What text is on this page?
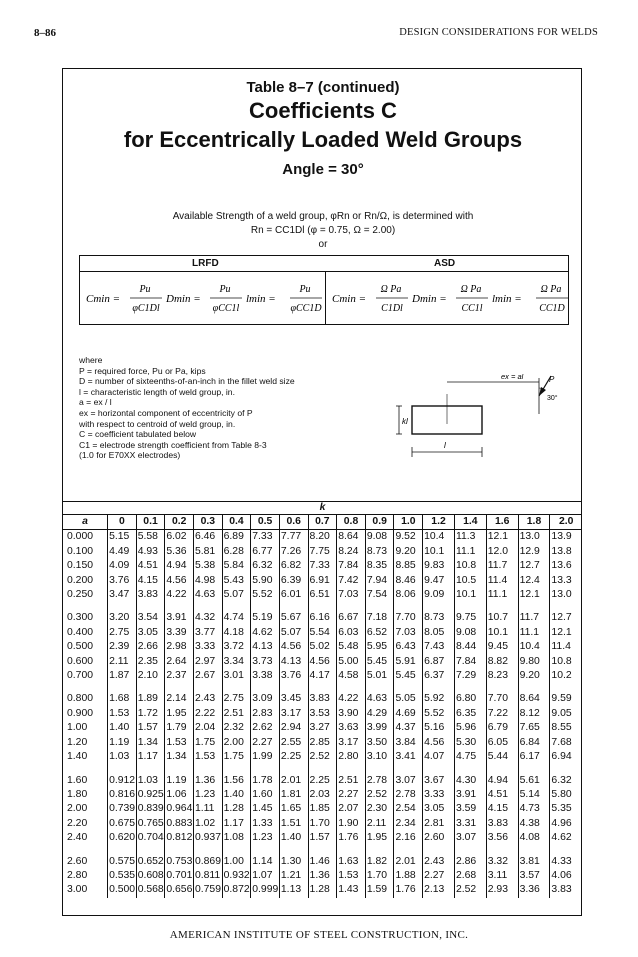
8–86	DESIGN CONSIDERATIONS FOR WELDS
Table 8–7 (continued)
Coefficients C
for Eccentrically Loaded Weld Groups
Angle = 30°
Available Strength of a weld group, φRn or Rn/Ω, is determined with
Rn = CC1Dl (φ = 0.75, Ω = 2.00)
or
LRFD	ASD
Cmin =
Pu
φC1Dl
Dmin =
Pu
φCC1l
lmin =
Pu
φCC1D
Cmin =
Ω Pa
C1Dl
Dmin =
Ω Pa
CC1l
lmin =
Ω Pa
CC1D
where
P = required force, Pu or Pa, kips
D = number of sixteenths-of-an-inch in the fillet weld size
l = characteristic length of weld group, in.
a = ex / l
ex = horizontal component of eccentricity of P
with respect to centroid of weld group, in.
C = coefficient tabulated below
C1 = electrode strength coefficient from Table 8-3
(1.0 for E70XX electrodes)
kl
ex = al	P
30°
l
k																
a	0	0.1	0.2	0.3	0.4	0.5	0.6	0.7	0.8	0.9	1.0	1.2	1.4	1.6	1.8	2.0
0.000	5.15	5.58	6.02	6.46	6.89	7.33	7.77	8.20	8.64	9.08	9.52	10.4	11.3	12.1	13.0	13.9
0.100	4.49	4.93	5.36	5.81	6.28	6.77	7.26	7.75	8.24	8.73	9.20	10.1	11.1	12.0	12.9	13.8
0.150	4.09	4.51	4.94	5.38	5.84	6.32	6.82	7.33	7.84	8.35	8.85	9.83	10.8	11.7	12.7	13.6
0.200	3.76	4.15	4.56	4.98	5.43	5.90	6.39	6.91	7.42	7.94	8.46	9.47	10.5	11.4	12.4	13.3
0.250	3.47	3.83	4.22	4.63	5.07	5.52	6.01	6.51	7.03	7.54	8.06	9.09	10.1	11.1	12.1	13.0

0.300	3.20	3.54	3.91	4.32	4.74	5.19	5.67	6.16	6.67	7.18	7.70	8.73	9.75	10.7	11.7	12.7
0.400	2.75	3.05	3.39	3.77	4.18	4.62	5.07	5.54	6.03	6.52	7.03	8.05	9.08	10.1	11.1	12.1
0.500	2.39	2.66	2.98	3.33	3.72	4.13	4.56	5.02	5.48	5.95	6.43	7.43	8.44	9.45	10.4	11.4
0.600	2.11	2.35	2.64	2.97	3.34	3.73	4.13	4.56	5.00	5.45	5.91	6.87	7.84	8.82	9.80	10.8
0.700	1.87	2.10	2.37	2.67	3.01	3.38	3.76	4.17	4.58	5.01	5.45	6.37	7.29	8.23	9.20	10.2

0.800	1.68	1.89	2.14	2.43	2.75	3.09	3.45	3.83	4.22	4.63	5.05	5.92	6.80	7.70	8.64	9.59
0.900	1.53	1.72	1.95	2.22	2.51	2.83	3.17	3.53	3.90	4.29	4.69	5.52	6.35	7.22	8.12	9.05
1.00	1.40	1.57	1.79	2.04	2.32	2.62	2.94	3.27	3.63	3.99	4.37	5.16	5.96	6.79	7.65	8.55
1.20	1.19	1.34	1.53	1.75	2.00	2.27	2.55	2.85	3.17	3.50	3.84	4.56	5.30	6.05	6.84	7.68
1.40	1.03	1.17	1.34	1.53	1.75	1.99	2.25	2.52	2.80	3.10	3.41	4.07	4.75	5.44	6.17	6.94

1.60	0.912	1.03	1.19	1.36	1.56	1.78	2.01	2.25	2.51	2.78	3.07	3.67	4.30	4.94	5.61	6.32
1.80	0.816	0.925	1.06	1.23	1.40	1.60	1.81	2.03	2.27	2.52	2.78	3.33	3.91	4.51	5.14	5.80
2.00	0.739	0.839	0.964	1.11	1.28	1.45	1.65	1.85	2.07	2.30	2.54	3.05	3.59	4.15	4.73	5.35
2.20	0.675	0.765	0.883	1.02	1.17	1.33	1.51	1.70	1.90	2.11	2.34	2.81	3.31	3.83	4.38	4.96
2.40	0.620	0.704	0.812	0.937	1.08	1.23	1.40	1.57	1.76	1.95	2.16	2.60	3.07	3.56	4.08	4.62

2.60	0.575	0.652	0.753	0.869	1.00	1.14	1.30	1.46	1.63	1.82	2.01	2.43	2.86	3.32	3.81	4.33
2.80	0.535	0.608	0.701	0.811	0.932	1.07	1.21	1.36	1.53	1.70	1.88	2.27	2.68	3.11	3.57	4.06
3.00	0.500	0.568	0.656	0.759	0.872	0.999	1.13	1.28	1.43	1.59	1.76	2.13	2.52	2.93	3.36	3.83
AMERICAN INSTITUTE OF STEEL CONSTRUCTION, INC.
